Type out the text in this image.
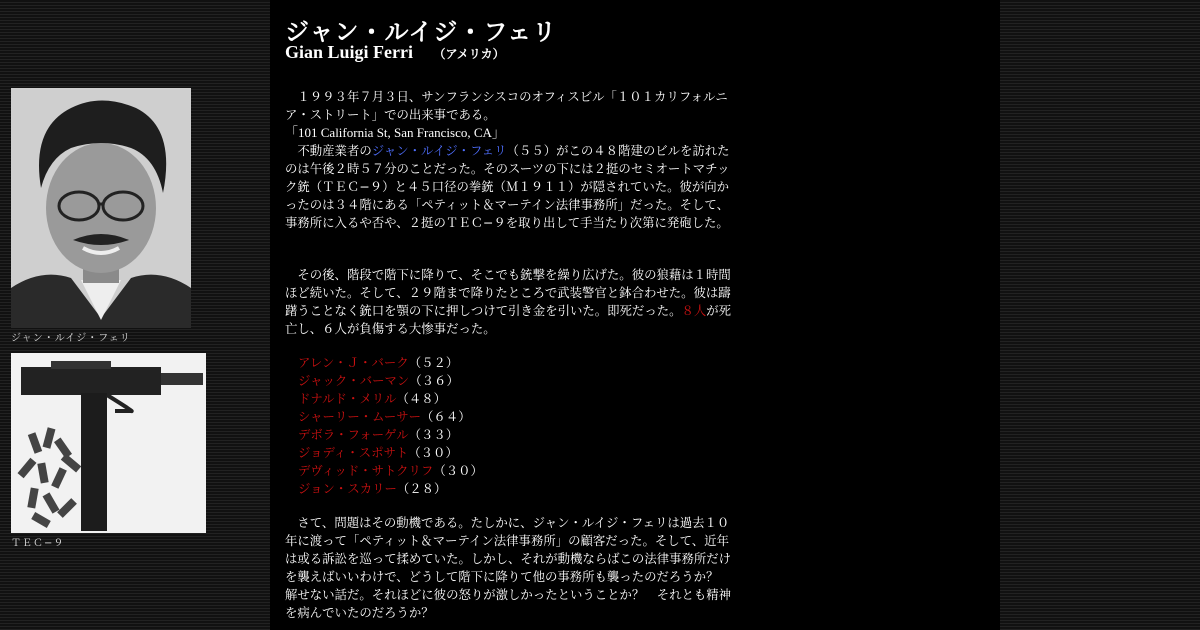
ジャン・ルイジ・フェリ
ＴＥＣ−９
ジャン・ルイジ・フェリ
Gian Luigi Ferri （アメリカ）
　１９９３年７月３日、サンフランシスコのオフィスビル「１０１カリフォルニア・ストリート」での出来事である。
「101 California St, San Francisco, CA」
　不動産業者のジャン・ルイジ・フェリ（５５）がこの４８階建のビルを訪れたのは午後２時５７分のことだった。そのスーツの下には２挺のセミオートマチック銃（ＴＥＣ−９）と４５口径の拳銃（Ｍ１９１１）が隠されていた。彼が向かったのは３４階にある「ペティット＆マーテイン法律事務所」だった。そして、事務所に入るや否や、２挺のＴＥＣ−９を取り出して手当たり次第に発砲した。
　その後、階段で階下に降りて、そこでも銃撃を繰り広げた。彼の狼藉は１時間ほど続いた。そして、２９階まで降りたところで武装警官と鉢合わせた。彼は躊躇うことなく銃口を顎の下に押しつけて引き金を引いた。即死だった。８人が死亡し、６人が負傷する大惨事だった。
アレン・Ｊ・バーク（５２）
ジャック・バーマン（３６）
ドナルド・メリル（４８）
シャーリー・ムーサー（６４）
デボラ・フォーゲル（３３）
ジョディ・スポサト（３０）
デヴィッド・サトクリフ（３０）
ジョン・スカリー（２８）
　さて、問題はその動機である。たしかに、ジャン・ルイジ・フェリは過去１０年に渡って「ペティット＆マーテイン法律事務所」の顧客だった。そして、近年は或る訴訟を巡って揉めていた。しかし、それが動機ならばこの法律事務所だけを襲えばいいわけで、どうして階下に降りて他の事務所も襲ったのだろうか？　解せない話だ。それほどに彼の怒りが激しかったということか？　それとも精神を病んでいたのだろうか？
